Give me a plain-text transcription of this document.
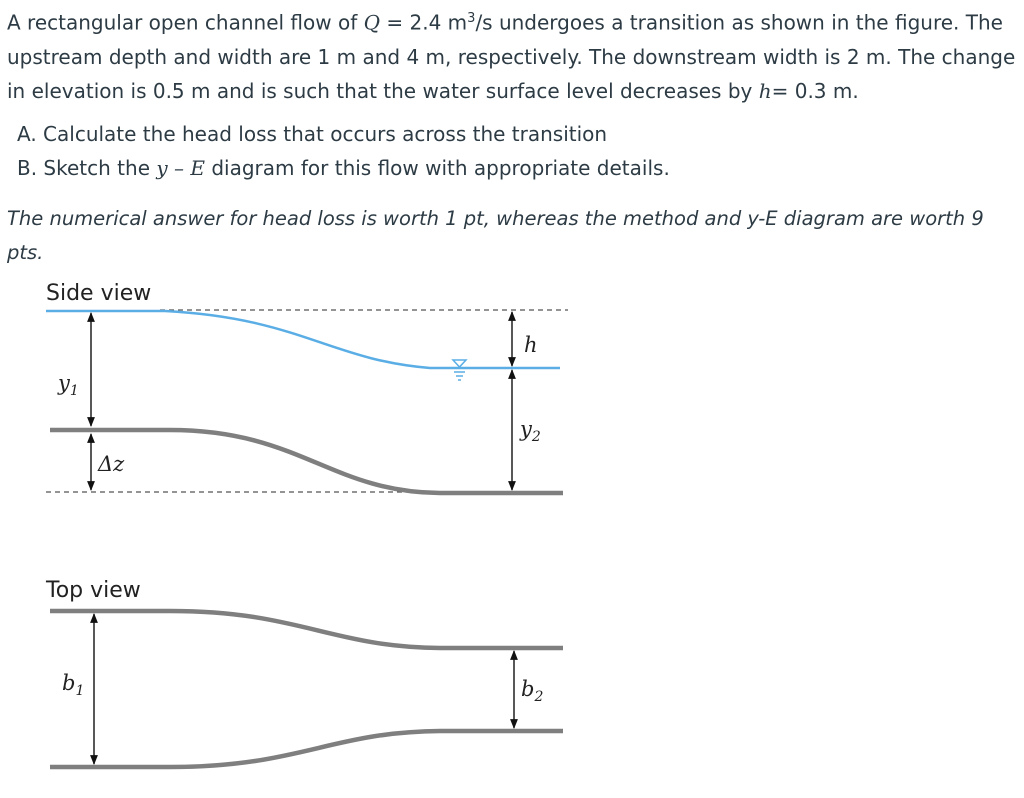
A rectangular open channel flow of Q = 2.4 $m^3/s$ undergoes a transition as shown in the figure. The upstream depth and width are 1 m and 4 m, respectively. The downstream width is 2 m. The change in elevation is 0.5 m and is such that the water surface level decreases by h= 0.3 m.
A. Calculate the head loss that occurs across the transition
B. Sketch the y – E diagram for this flow with appropriate details.
The numerical answer for head loss is worth 1 pt, whereas the method and y-E diagram are worth 9 pts.
Side view
$y_1$
Δz
h
$y_2$
Top view
$b_1$	$b_2$
